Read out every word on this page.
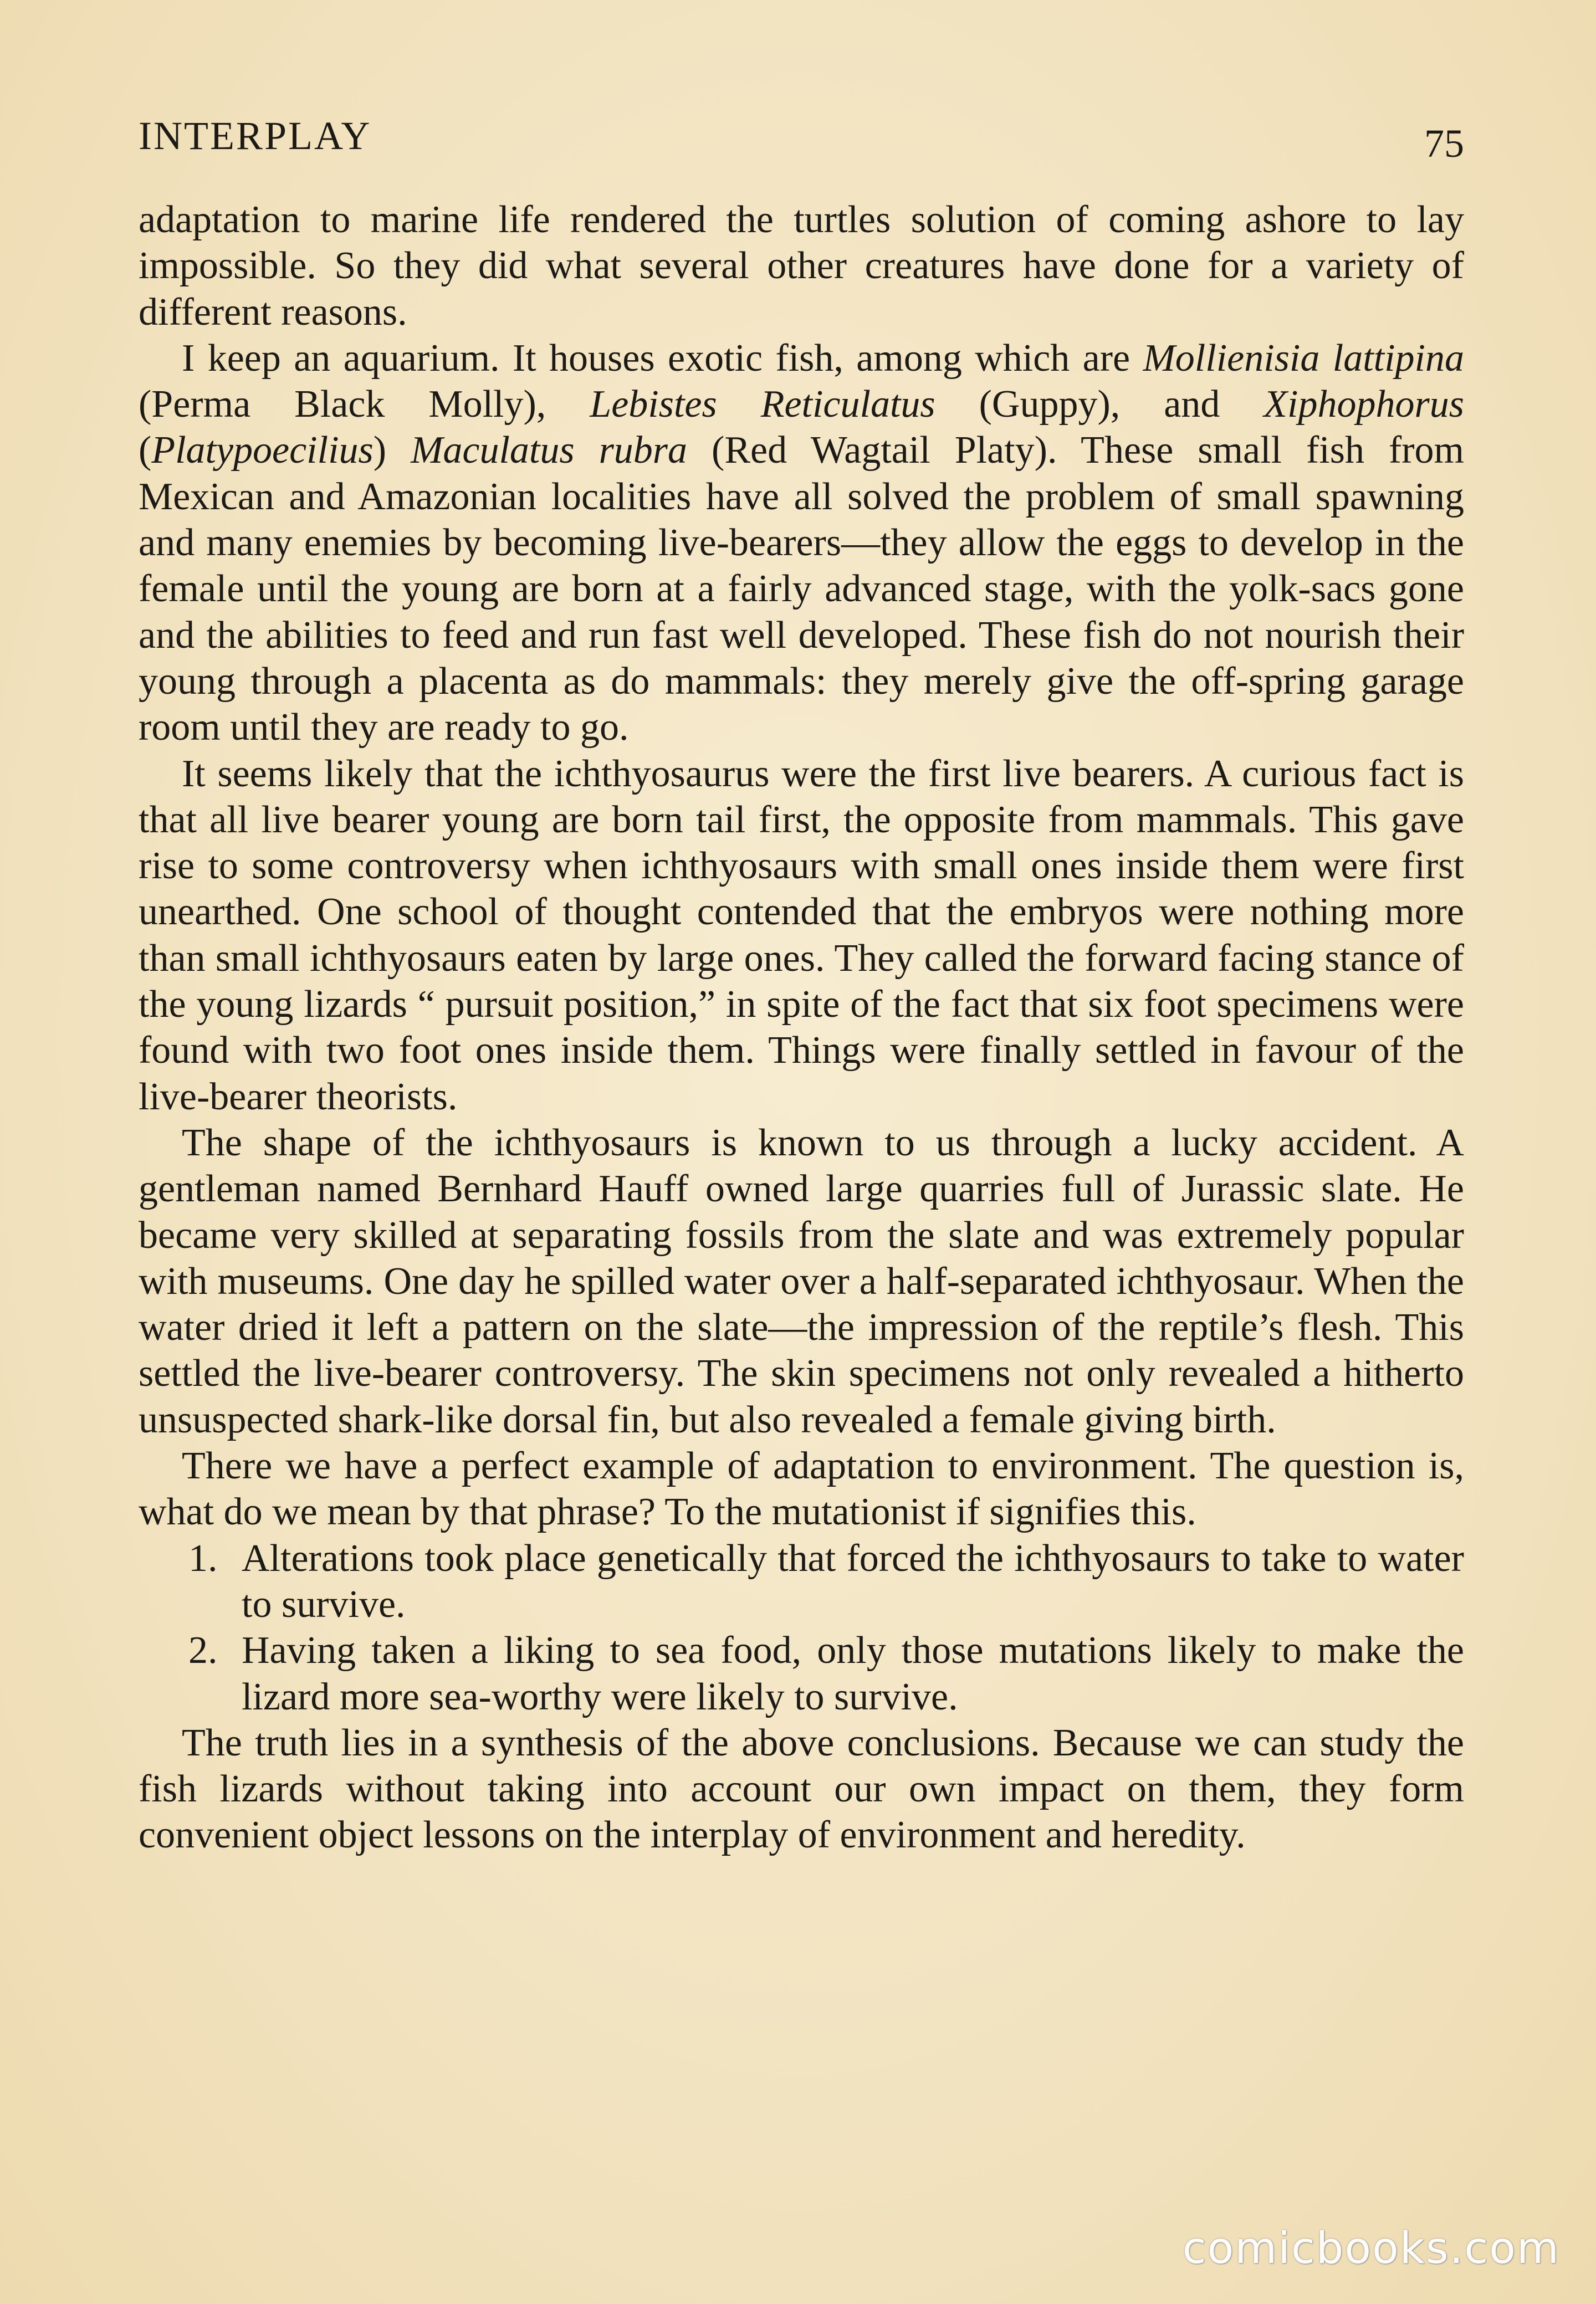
INTERPLAY	75

adaptation to marine life rendered the turtles solution of coming ashore to lay impossible. So they did what several other creatures have done for a variety of different reasons.

I keep an aquarium. It houses exotic fish, among which are Mollienisia lattipina (Perma Black Molly), Lebistes Reticulatus (Guppy), and Xiphophorus (Platypoecilius) Maculatus rubra (Red Wagtail Platy). These small fish from Mexican and Amazonian localities have all solved the problem of small spawning and many enemies by becoming live-bearers—they allow the eggs to develop in the female until the young are born at a fairly advanced stage, with the yolk-sacs gone and the abilities to feed and run fast well developed. These fish do not nourish their young through a placenta as do mammals: they merely give the off-spring garage room until they are ready to go.

It seems likely that the ichthyosaurus were the first live bearers. A curious fact is that all live bearer young are born tail first, the opposite from mammals. This gave rise to some controversy when ichthyosaurs with small ones inside them were first unearthed. One school of thought contended that the embryos were nothing more than small ichthyosaurs eaten by large ones. They called the forward facing stance of the young lizards “ pursuit position,” in spite of the fact that six foot specimens were found with two foot ones inside them. Things were finally settled in favour of the live-bearer theorists.

The shape of the ichthyosaurs is known to us through a lucky accident. A gentleman named Bernhard Hauff owned large quarries full of Jurassic slate. He became very skilled at separating fossils from the slate and was extremely popular with museums. One day he spilled water over a half-separated ichthyosaur. When the water dried it left a pattern on the slate—the impression of the reptile’s flesh. This settled the live-bearer controversy. The skin specimens not only revealed a hitherto unsuspected shark-like dorsal fin, but also revealed a female giving birth.

There we have a perfect example of adaptation to environment. The question is, what do we mean by that phrase? To the mutationist if signifies this.

1. Alterations took place genetically that forced the ichthyosaurs to take to water to survive.
2. Having taken a liking to sea food, only those mutations likely to make the lizard more sea-worthy were likely to survive.

The truth lies in a synthesis of the above conclusions. Because we can study the fish lizards without taking into account our own impact on them, they form convenient object lessons on the interplay of environment and heredity.

comicbooks.com
